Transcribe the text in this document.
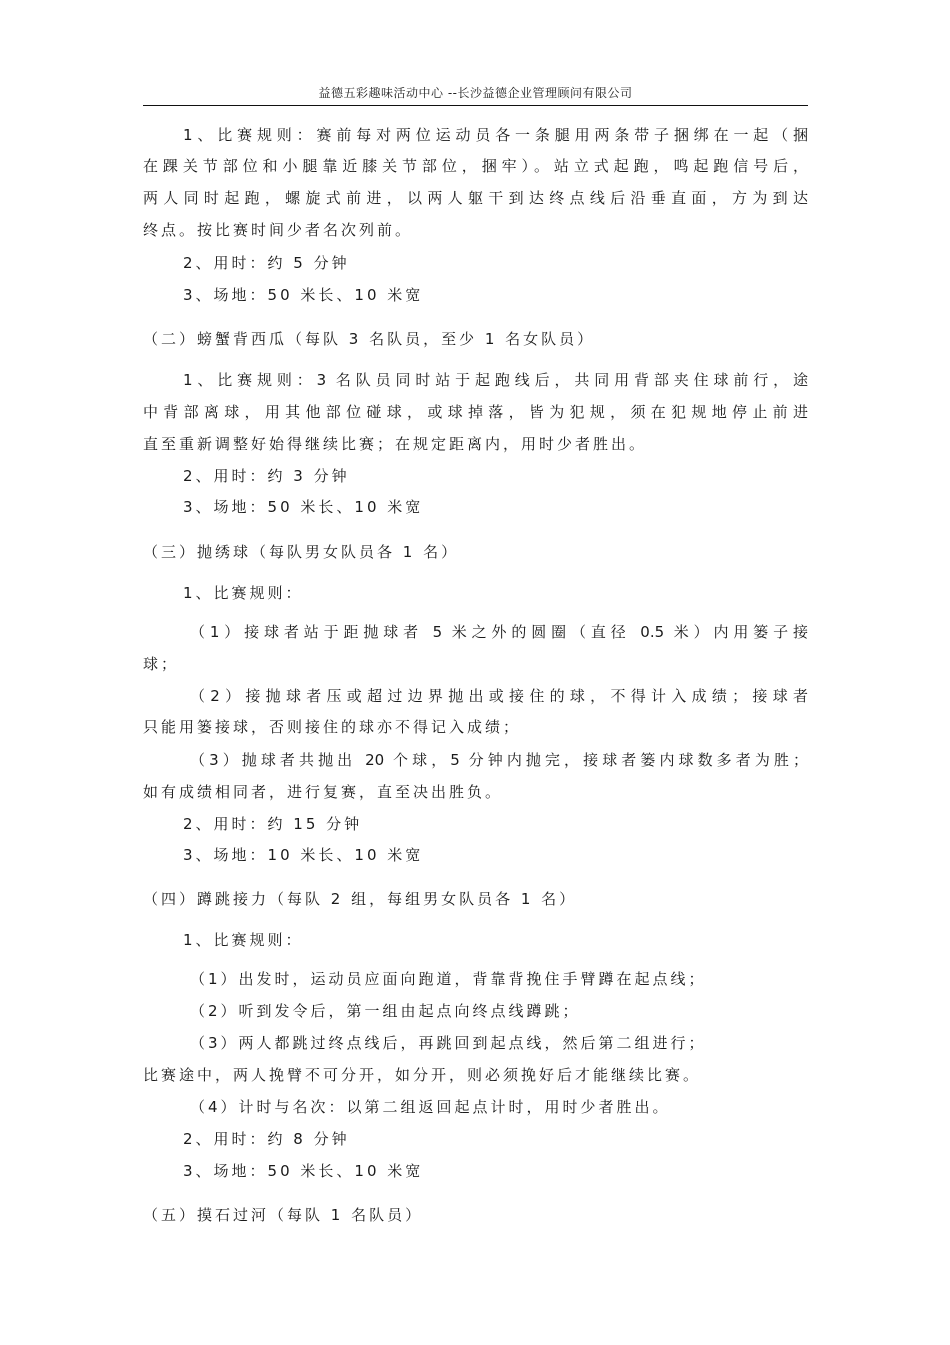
益德五彩趣味活动中心 --长沙益德企业管理顾问有限公司
1、比赛规则：赛前每对两位运动员各一条腿用两条带子捆绑在一起（捆
在踝关节部位和小腿靠近膝关节部位，捆牢）。站立式起跑，鸣起跑信号后，
两人同时起跑，螺旋式前进，以两人躯干到达终点线后沿垂直面，方为到达
终点。按比赛时间少者名次列前。
2、用时：约 5 分钟
3、场地：50 米长、10 米宽
（二）螃蟹背西瓜（每队 3 名队员，至少 1 名女队员）
1、比赛规则：3 名队员同时站于起跑线后，共同用背部夹住球前行，途
中背部离球，用其他部位碰球，或球掉落，皆为犯规，须在犯规地停止前进
直至重新调整好始得继续比赛；在规定距离内，用时少者胜出。
2、用时：约 3 分钟
3、场地：50 米长、10 米宽
（三）抛绣球（每队男女队员各 1 名）
1、比赛规则：
（1）接球者站于距抛球者 5 米之外的圆圈（直径 0.5 米）内用篓子接
球；
（2）接抛球者压或超过边界抛出或接住的球，不得计入成绩；接球者
只能用篓接球，否则接住的球亦不得记入成绩；
（3）抛球者共抛出 20 个球，5 分钟内抛完，接球者篓内球数多者为胜；
如有成绩相同者，进行复赛，直至决出胜负。
2、用时：约 15 分钟
3、场地：10 米长、10 米宽
（四）蹲跳接力（每队 2 组，每组男女队员各 1 名）
1、比赛规则：
（1）出发时，运动员应面向跑道，背靠背挽住手臂蹲在起点线；
（2）听到发令后，第一组由起点向终点线蹲跳；
（3）两人都跳过终点线后，再跳回到起点线，然后第二组进行；
比赛途中，两人挽臂不可分开，如分开，则必须挽好后才能继续比赛。
（4）计时与名次：以第二组返回起点计时，用时少者胜出。
2、用时：约 8 分钟
3、场地：50 米长、10 米宽
（五）摸石过河（每队 1 名队员）
